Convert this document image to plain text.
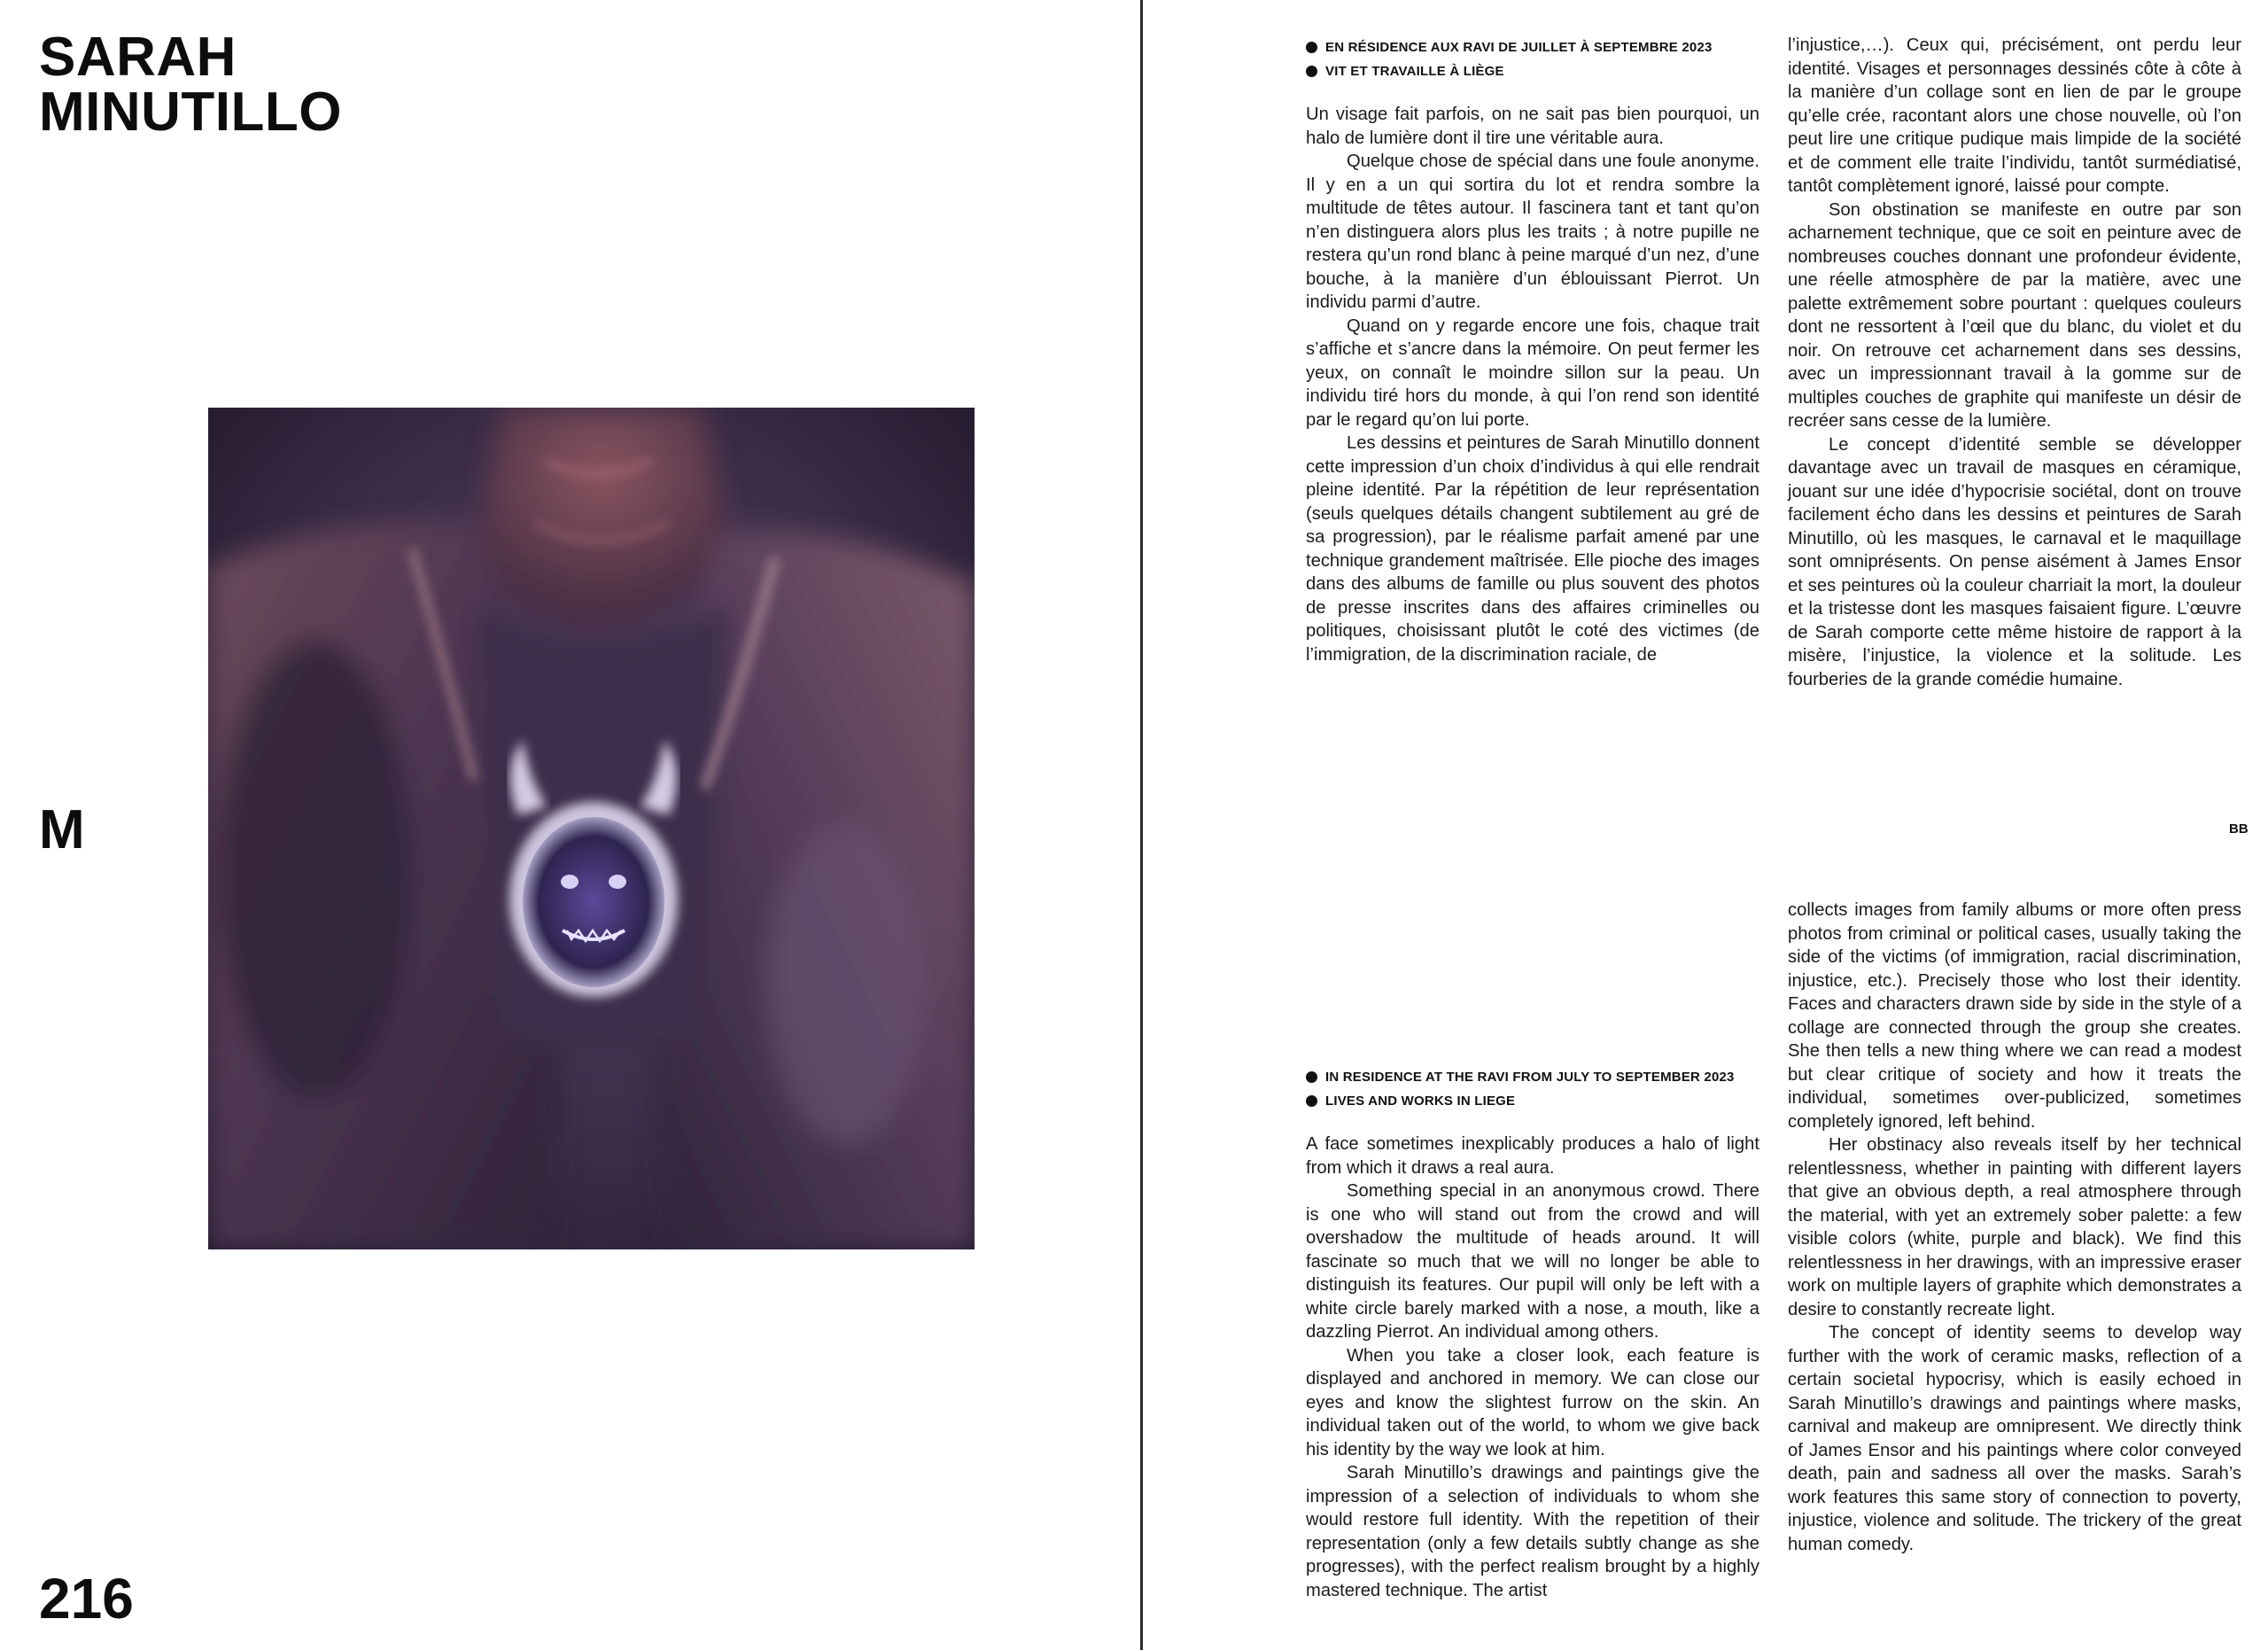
SARAH
MINUTILLO
M
216
EN RÉSIDENCE AUX RAVI DE JUILLET À SEPTEMBRE 2023
VIT ET TRAVAILLE À LIÈGE

Un visage fait parfois, on ne sait pas bien pourquoi, un halo de lumière dont il tire une véritable aura.

Quelque chose de spécial dans une foule anonyme. Il y en a un qui sortira du lot et rendra sombre la multitude de têtes autour. Il fascinera tant et tant qu’on n’en distinguera alors plus les traits ; à notre pupille ne restera qu’un rond blanc à peine marqué d’un nez, d’une bouche, à la manière d’un éblouissant Pierrot. Un individu parmi d’autre.

Quand on y regarde encore une fois, chaque trait s’affiche et s’ancre dans la mémoire. On peut fermer les yeux, on connaît le moindre sillon sur la peau. Un individu tiré hors du monde, à qui l’on rend son identité par le regard qu’on lui porte.

Les dessins et peintures de Sarah Minutillo donnent cette impression d’un choix d’individus à qui elle rendrait pleine identité. Par la répétition de leur représentation (seuls quelques détails changent subtilement au gré de sa progression), par le réalisme parfait amené par une technique grandement maîtrisée. Elle pioche des images dans des albums de famille ou plus souvent des photos de presse inscrites dans des affaires criminelles ou politiques, choisissant plutôt le coté des victimes (de l’immigration, de la discrimination raciale, de

l’injustice,…). Ceux qui, précisément, ont perdu leur identité. Visages et personnages dessinés côte à côte à la manière d’un collage sont en lien de par le groupe qu’elle crée, racontant alors une chose nouvelle, où l’on peut lire une critique pudique mais limpide de la société et de comment elle traite l’individu, tantôt surmédiatisé, tantôt complètement ignoré, laissé pour compte.

Son obstination se manifeste en outre par son acharnement technique, que ce soit en peinture avec de nombreuses couches donnant une profondeur évidente, une réelle atmosphère de par la matière, avec une palette extrêmement sobre pourtant : quelques couleurs dont ne ressortent à l’œil que du blanc, du violet et du noir. On retrouve cet acharnement dans ses dessins, avec un impressionnant travail à la gomme sur de multiples couches de graphite qui manifeste un désir de recréer sans cesse de la lumière.

Le concept d’identité semble se développer davantage avec un travail de masques en céramique, jouant sur une idée d’hypocrisie sociétal, dont on trouve facilement écho dans les dessins et peintures de Sarah Minutillo, où les masques, le carnaval et le maquillage sont omniprésents. On pense aisément à James Ensor et ses peintures où la couleur charriait la mort, la douleur et la tristesse dont les masques faisaient figure. L’œuvre de Sarah comporte cette même histoire de rapport à la misère, l’injustice, la violence et la solitude. Les fourberies de la grande comédie humaine.

BB
IN RESIDENCE AT THE RAVI FROM JULY TO SEPTEMBER 2023
LIVES AND WORKS IN LIEGE

A face sometimes inexplicably produces a halo of light from which it draws a real aura.

Something special in an anonymous crowd. There is one who will stand out from the crowd and will overshadow the multitude of heads around. It will fascinate so much that we will no longer be able to distinguish its features. Our pupil will only be left with a white circle barely marked with a nose, a mouth, like a dazzling Pierrot. An individual among others.

When you take a closer look, each feature is displayed and anchored in memory. We can close our eyes and know the slightest furrow on the skin. An individual taken out of the world, to whom we give back his identity by the way we look at him.

Sarah Minutillo’s drawings and paintings give the impression of a selection of individuals to whom she would restore full identity. With the repetition of their representation (only a few details subtly change as she progresses), with the perfect realism brought by a highly mastered technique. The artist

collects images from family albums or more often press photos from criminal or political cases, usually taking the side of the victims (of immigration, racial discrimination, injustice, etc.). Precisely those who lost their identity. Faces and characters drawn side by side in the style of a collage are connected through the group she creates. She then tells a new thing where we can read a modest but clear critique of society and how it treats the individual, sometimes over-publicized, sometimes completely ignored, left behind.

Her obstinacy also reveals itself by her technical relentlessness, whether in painting with different layers that give an obvious depth, a real atmosphere through the material, with yet an extremely sober palette: a few visible colors (white, purple and black). We find this relentlessness in her drawings, with an impressive eraser work on multiple layers of graphite which demonstrates a desire to constantly recreate light.

The concept of identity seems to develop way further with the work of ceramic masks, reflection of a certain societal hypocrisy, which is easily echoed in Sarah Minutillo’s drawings and paintings where masks, carnival and makeup are omnipresent. We directly think of James Ensor and his paintings where color conveyed death, pain and sadness all over the masks. Sarah’s work features this same story of connection to poverty, injustice, violence and solitude. The trickery of the great human comedy.
